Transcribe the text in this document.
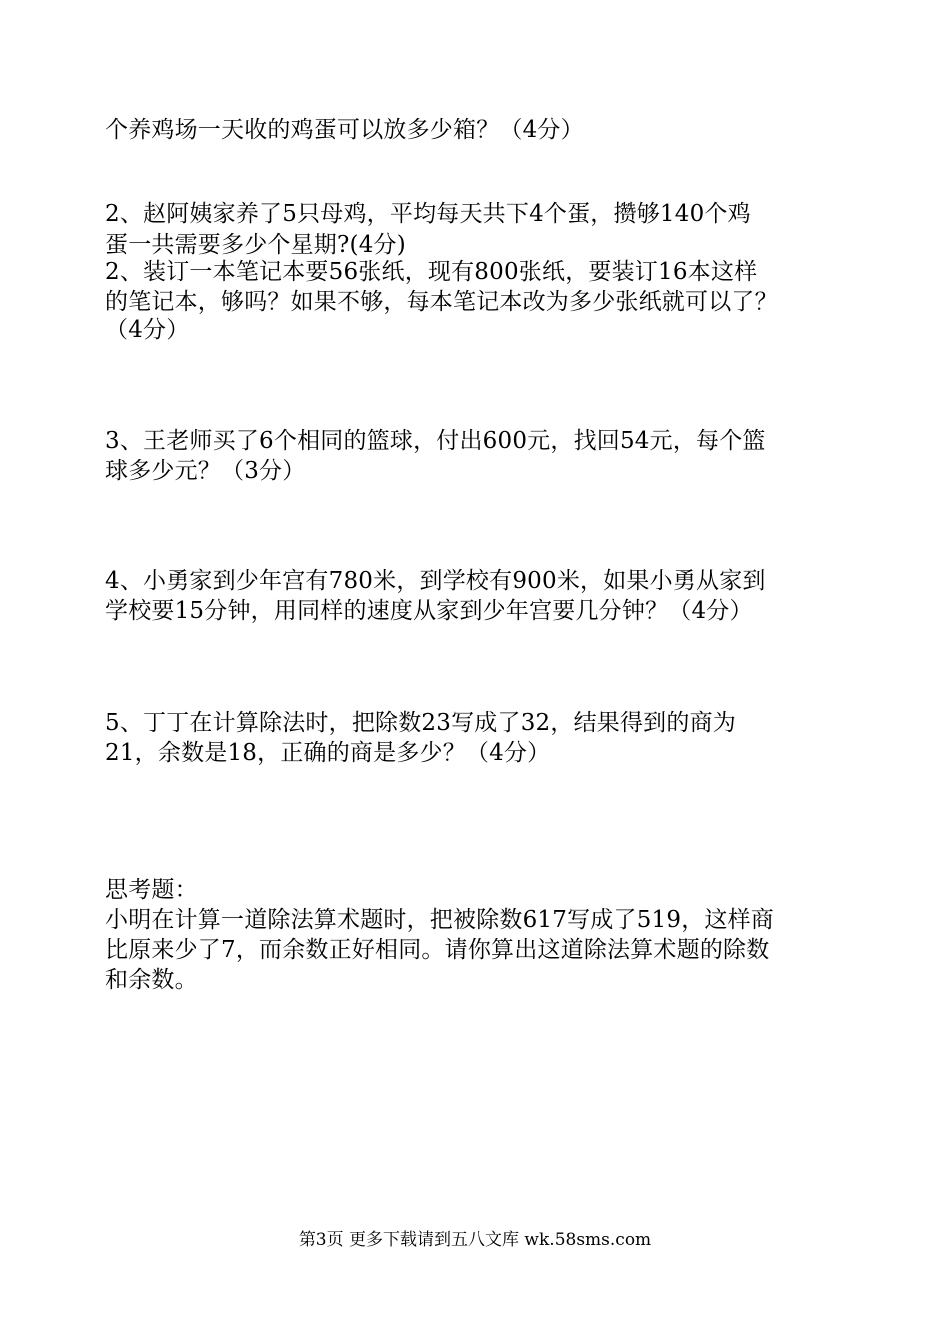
个养鸡场一天收的鸡蛋可以放多少箱？（4分）
2、赵阿姨家养了5只母鸡，平均每天共下4个蛋，攒够140个鸡
蛋一共需要多少个星期?(4分)
2、装订一本笔记本要56张纸，现有800张纸，要装订16本这样
的笔记本，够吗？如果不够，每本笔记本改为多少张纸就可以了？
（4分）
3、王老师买了6个相同的篮球，付出600元，找回54元，每个篮
球多少元？（3分）
4、小勇家到少年宫有780米，到学校有900米，如果小勇从家到
学校要15分钟，用同样的速度从家到少年宫要几分钟？（4分）
5、丁丁在计算除法时，把除数23写成了32，结果得到的商为
21，余数是18，正确的商是多少？（4分）
思考题：
小明在计算一道除法算术题时，把被除数617写成了519，这样商
比原来少了7，而余数正好相同。请你算出这道除法算术题的除数
和余数。
第3页 更多下载请到五八文库 wk.58sms.com
